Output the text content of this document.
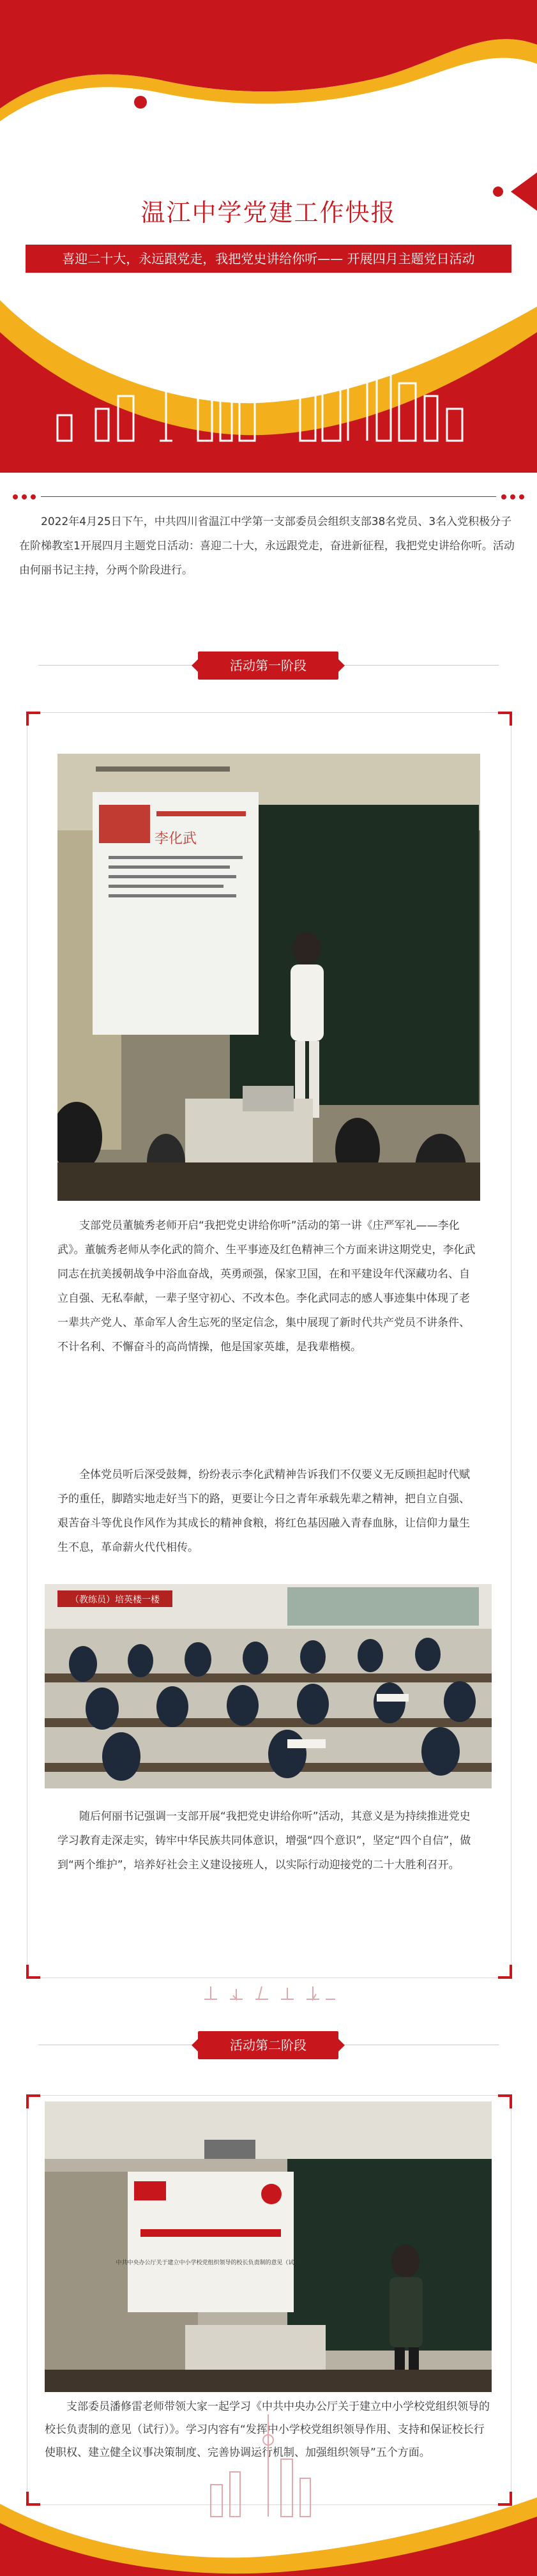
温江中学党建工作快报
喜迎二十大，永远跟党走，我把党史讲给你听—— 开展四月主题党日活动
2022年4月25日下午，中共四川省温江中学第一支部委员会组织支部38名党员、3名入党积极分子在阶梯教室1开展四月主题党日活动：喜迎二十大，永远跟党走，奋进新征程，我把党史讲给你听。活动由何丽书记主持，分两个阶段进行。
活动第一阶段
李化武
支部党员董毓秀老师开启“我把党史讲给你听”活动的第一讲《庄严军礼——李化武》。董毓秀老师从李化武的简介、生平事迹及红色精神三个方面来讲这期党史，李化武同志在抗美援朝战争中浴血奋战，英勇顽强，保家卫国，在和平建设年代深藏功名、自立自强、无私奉献，一辈子坚守初心、不改本色。李化武同志的感人事迹集中体现了老一辈共产党人、革命军人舍生忘死的坚定信念，集中展现了新时代共产党员不讲条件、不计名利、不懈奋斗的高尚情操，他是国家英雄，是我辈楷模。
全体党员听后深受鼓舞，纷纷表示李化武精神告诉我们不仅要义无反顾担起时代赋予的重任，脚踏实地走好当下的路，更要让今日之青年承载先辈之精神，把自立自强、艰苦奋斗等优良作风作为其成长的精神食粮，将红色基因融入青春血脉，让信仰力量生生不息，革命薪火代代相传。
（教练员）培英楼一楼
随后何丽书记强调一支部开展“我把党史讲给你听”活动，其意义是为持续推进党史学习教育走深走实，铸牢中华民族共同体意识，增强“四个意识”，坚定“四个自信”，做到“两个维护”，培养好社会主义建设接班人，以实际行动迎接党的二十大胜利召开。
活动第二阶段
中共中央办公厅关于建立中小学校党组织领导的校长负责制的意见（试行）
支部委员潘修雷老师带领大家一起学习《中共中央办公厅关于建立中小学校党组织领导的校长负责制的意见（试行）》。学习内容有“发挥中小学校党组织领导作用、支持和保证校长行使职权、建立健全议事决策制度、完善协调运行机制、加强组织领导”五个方面。
